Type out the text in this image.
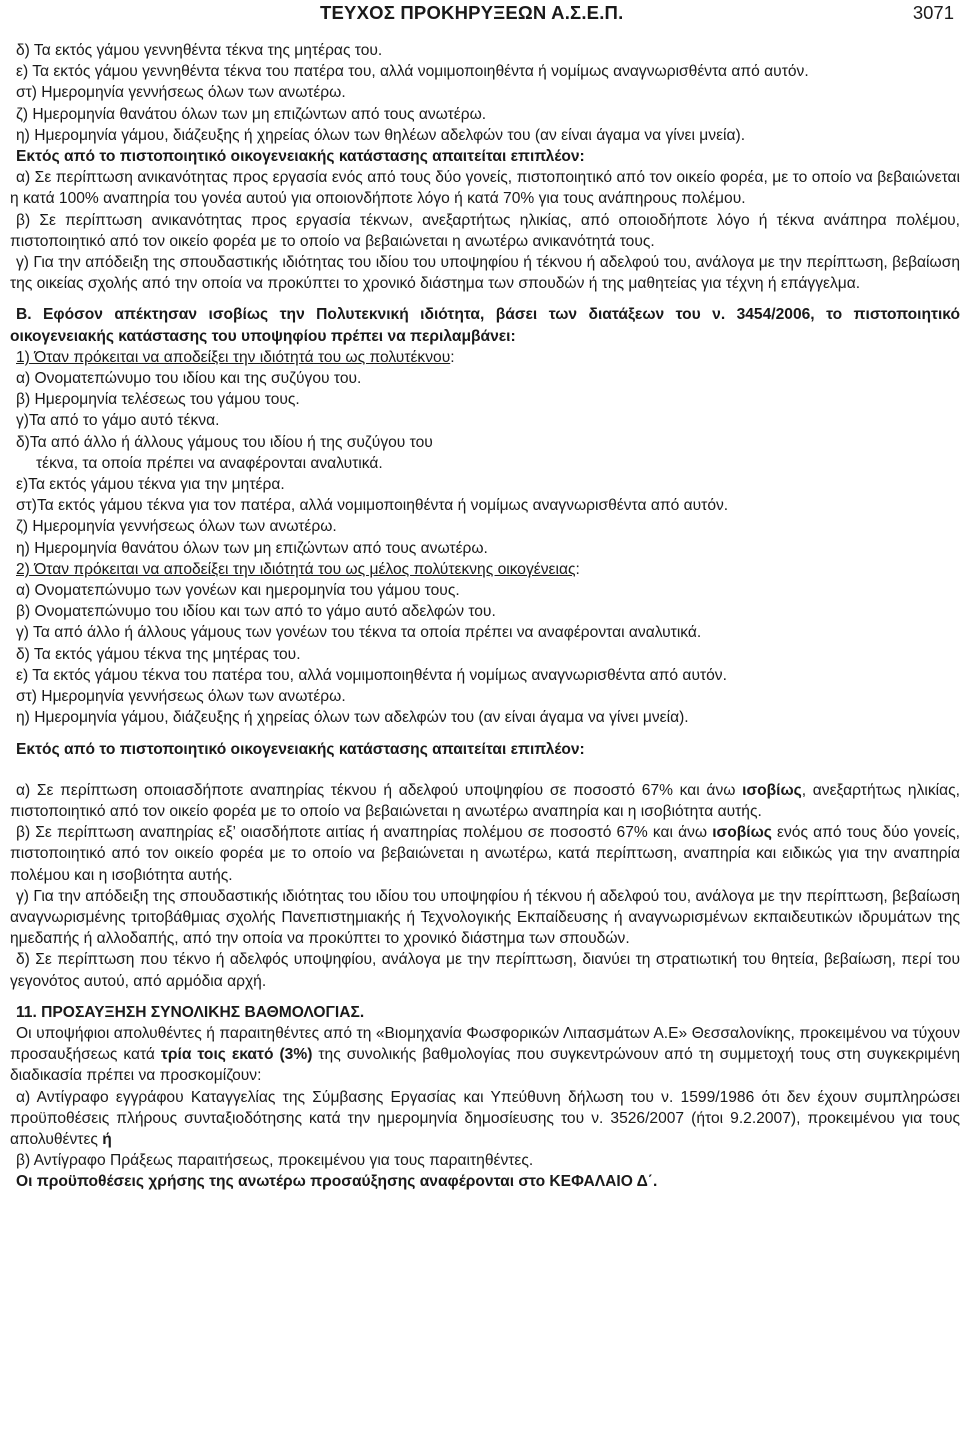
ΤΕΥΧΟΣ ΠΡΟΚΗΡΥΞΕΩΝ Α.Σ.Ε.Π.	3071

δ) Τα εκτός γάμου γεννηθέντα τέκνα της μητέρας του.

ε) Τα εκτός γάμου γεννηθέντα τέκνα του πατέρα του, αλλά νομιμοποιηθέντα ή νομίμως αναγνωρισθέντα από αυτόν.

στ) Ημερομηνία γεννήσεως όλων των ανωτέρω.

ζ) Ημερομηνία θανάτου όλων των μη επιζώντων από τους ανωτέρω.

η) Ημερομηνία γάμου, διάζευξης ή χηρείας όλων των θηλέων αδελφών του (αν είναι άγαμα να γίνει μνεία).

Εκτός από το πιστοποιητικό οικογενειακής κατάστασης απαιτείται επιπλέον:

α) Σε περίπτωση ανικανότητας προς εργασία ενός από τους δύο γονείς, πιστοποιητικό από τον οικείο φορέα, με το οποίο να βεβαιώνεται η κατά 100% αναπηρία του γονέα αυτού για οποιονδήποτε λόγο ή κατά 70% για τους ανάπηρους πολέμου.

β) Σε περίπτωση ανικανότητας προς εργασία τέκνων, ανεξαρτήτως ηλικίας, από οποιοδήποτε λόγο ή τέκνα ανάπηρα πολέμου, πιστοποιητικό από τον οικείο φορέα με το οποίο να βεβαιώνεται η ανωτέρω ανικανότητά τους.

γ) Για την απόδειξη της σπουδαστικής ιδιότητας του ιδίου του υποψηφίου ή τέκνου ή αδελφού του, ανάλογα με την περίπτωση, βεβαίωση της οικείας σχολής από την οποία να προκύπτει το χρονικό διάστημα των σπουδών ή της μαθητείας για τέχνη ή επάγγελμα.

Β. Εφόσον απέκτησαν ισοβίως την Πολυτεκνική ιδιότητα, βάσει των διατάξεων του ν. 3454/2006, το πιστοποιητικό οικογενειακής κατάστασης του υποψηφίου πρέπει να περιλαμβάνει:

1) Όταν πρόκειται να αποδείξει την ιδιότητά του ως πολυτέκνου:

α) Ονοματεπώνυμο του ιδίου και της συζύγου του.

β) Ημερομηνία τελέσεως του γάμου τους.

γ)Τα από το γάμο αυτό τέκνα.

δ)Τα από άλλο ή άλλους γάμους του ιδίου ή της συζύγου του

τέκνα, τα οποία πρέπει να αναφέρονται αναλυτικά.

ε)Τα εκτός γάμου τέκνα για την μητέρα.

στ)Τα εκτός γάμου τέκνα για τον πατέρα, αλλά νομιμοποιηθέντα ή νομίμως αναγνωρισθέντα από αυτόν.

ζ) Ημερομηνία γεννήσεως όλων των ανωτέρω.

η) Ημερομηνία θανάτου όλων των μη επιζώντων από τους ανωτέρω.

2) Όταν πρόκειται να αποδείξει την ιδιότητά του ως μέλος πολύτεκνης οικογένειας:

α) Ονοματεπώνυμο των γονέων και ημερομηνία του γάμου τους.

β) Ονοματεπώνυμο του ιδίου και των από το γάμο αυτό αδελφών του.

γ) Τα από άλλο ή άλλους γάμους των γονέων του τέκνα τα οποία πρέπει να αναφέρονται αναλυτικά.

δ) Τα εκτός γάμου τέκνα της μητέρας του.

ε) Τα εκτός γάμου τέκνα του πατέρα του, αλλά νομιμοποιηθέντα ή νομίμως αναγνωρισθέντα από αυτόν.

στ) Ημερομηνία γεννήσεως όλων των ανωτέρω.

η) Ημερομηνία γάμου, διάζευξης ή χηρείας όλων των αδελφών του (αν είναι άγαμα να γίνει μνεία).

Εκτός από το πιστοποιητικό οικογενειακής κατάστασης απαιτείται επιπλέον:

α) Σε περίπτωση οποιασδήποτε αναπηρίας τέκνου ή αδελφού υποψηφίου σε ποσοστό 67% και άνω ισοβίως, ανεξαρτήτως ηλικίας, πιστοποιητικό από τον οικείο φορέα με το οποίο να βεβαιώνεται η ανωτέρω αναπηρία και η ισοβιότητα αυτής.

β) Σε περίπτωση αναπηρίας εξ’ οιασδήποτε αιτίας ή αναπηρίας πολέμου σε ποσοστό 67% και άνω ισοβίως ενός από τους δύο γονείς, πιστοποιητικό από τον οικείο φορέα με το οποίο να βεβαιώνεται η ανωτέρω, κατά περίπτωση, αναπηρία και ειδικώς για την αναπηρία πολέμου και η ισοβιότητα αυτής.

γ) Για την απόδειξη της σπουδαστικής ιδιότητας του ιδίου του υποψηφίου ή τέκνου ή αδελφού του, ανάλογα με την περίπτωση, βεβαίωση αναγνωρισμένης τριτοβάθμιας σχολής Πανεπιστημιακής ή Τεχνολογικής Εκπαίδευσης ή αναγνωρισμένων εκπαιδευτικών ιδρυμάτων της ημεδαπής ή αλλοδαπής, από την οποία να προκύπτει το χρονικό διάστημα των σπουδών.

δ) Σε περίπτωση που τέκνο ή αδελφός υποψηφίου, ανάλογα με την περίπτωση, διανύει τη στρατιωτική του θητεία, βεβαίωση, περί του γεγονότος αυτού, από αρμόδια αρχή.

11. ΠΡΟΣΑΥΞΗΣΗ ΣΥΝΟΛΙΚΗΣ ΒΑΘΜΟΛΟΓΙΑΣ.

Οι υποψήφιοι απολυθέντες ή παραιτηθέντες από τη «Βιομηχανία Φωσφορικών Λιπασμάτων Α.Ε» Θεσσαλονίκης, προκειμένου να τύχουν προσαυξήσεως κατά τρία τοις εκατό (3%) της συνολικής βαθμολογίας που συγκεντρώνουν από τη συμμετοχή τους στη συγκεκριμένη διαδικασία πρέπει να προσκομίζουν:

α) Αντίγραφο εγγράφου Καταγγελίας της Σύμβασης Εργασίας και Υπεύθυνη δήλωση του ν. 1599/1986 ότι δεν έχουν συμπληρώσει προϋποθέσεις πλήρους συνταξιοδότησης κατά την ημερομηνία δημοσίευσης του ν. 3526/2007 (ήτοι 9.2.2007), προκειμένου για τους απολυθέντες ή

β) Αντίγραφο Πράξεως παραιτήσεως, προκειμένου για τους παραιτηθέντες.

Οι προϋποθέσεις χρήσης της ανωτέρω προσαύξησης αναφέρονται στο ΚΕΦΑΛΑΙΟ Δ΄.
